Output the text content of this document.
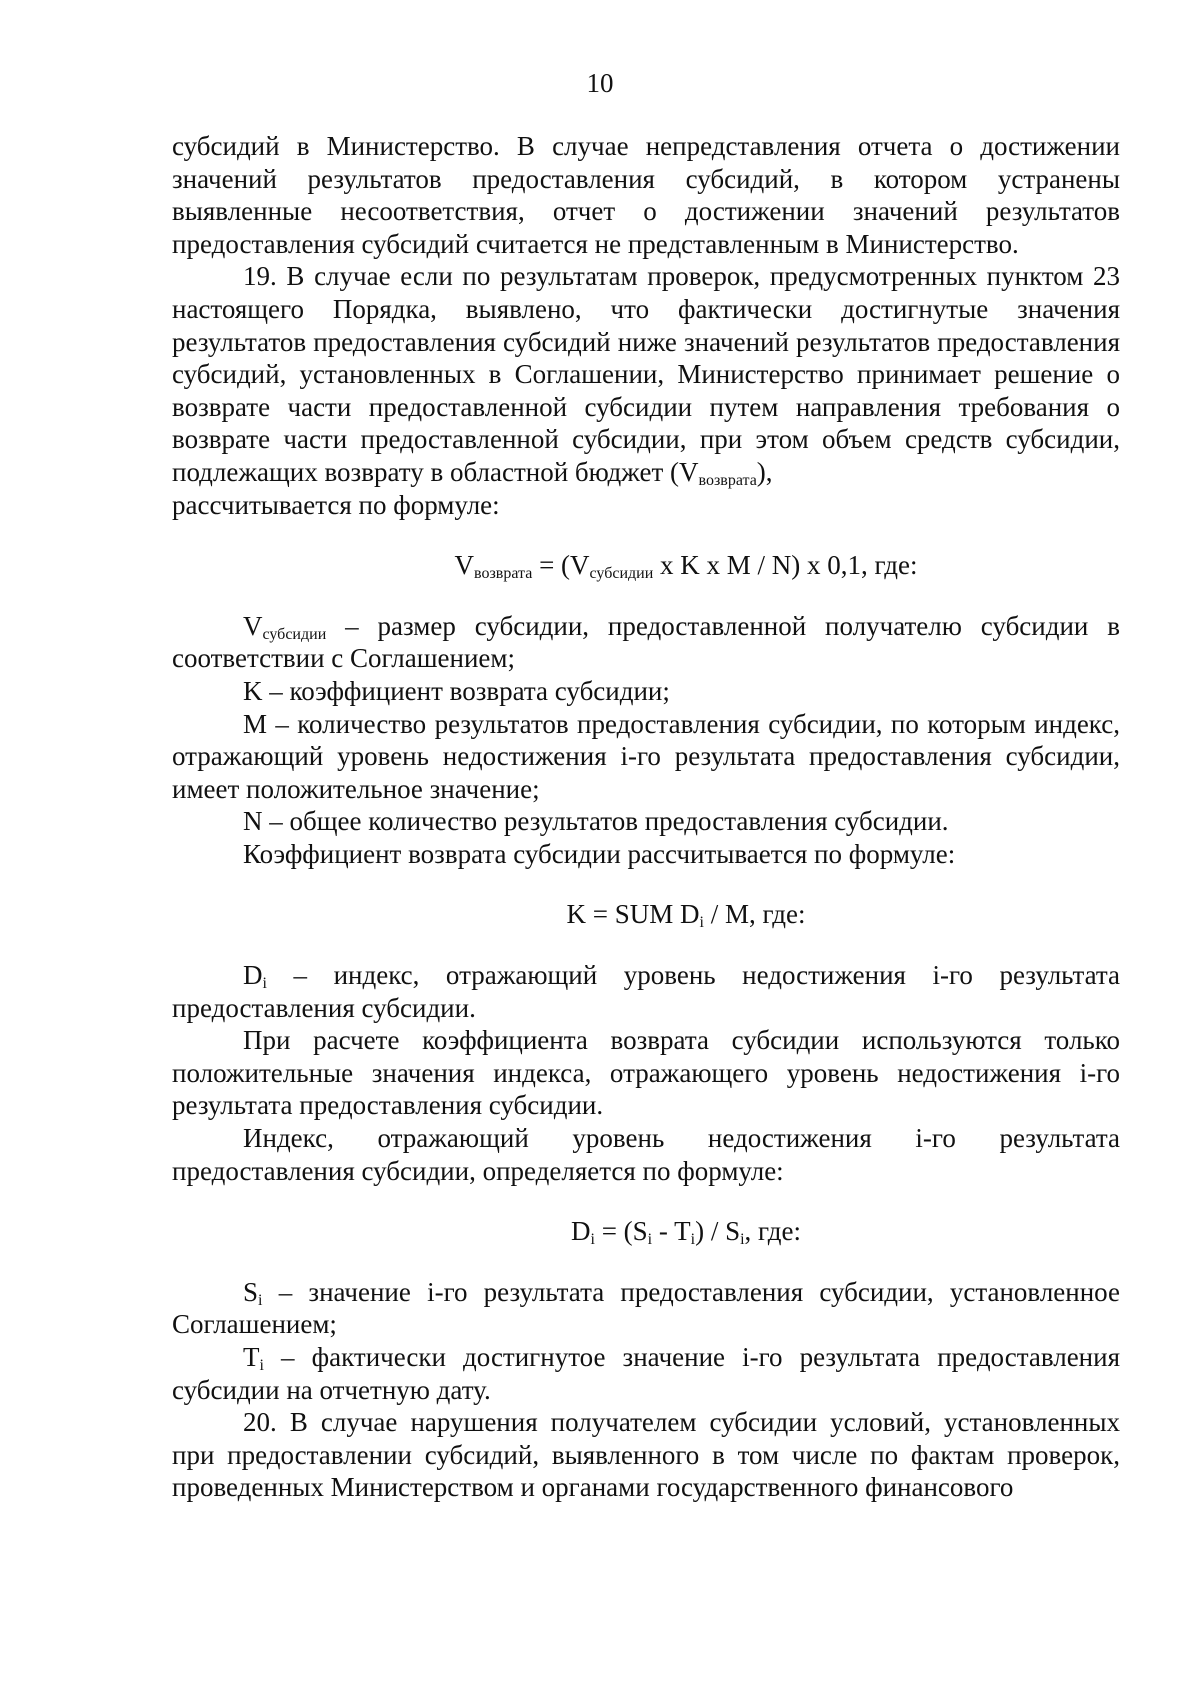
10

субсидий в Министерство. В случае непредставления отчета о достижении значений результатов предоставления субсидий, в котором устранены выявленные несоответствия, отчет о достижении значений результатов предоставления субсидий считается не представленным в Министерство.

19. В случае если по результатам проверок, предусмотренных пунктом 23 настоящего Порядка, выявлено, что фактически достигнутые значения результатов предоставления субсидий ниже значений результатов предоставления субсидий, установленных в Соглашении, Министерство принимает решение о возврате части предоставленной субсидии путем направления требования о возврате части предоставленной субсидии, при этом объем средств субсидии, подлежащих возврату в областной бюджет $(V_{возврата})$,
рассчитывается по формуле:

$V_{возврата} = (V_{субсидии}$ x K x M / N) x 0,1, где:

$V_{субсидии}$ – размер субсидии, предоставленной получателю субсидии в соответствии с Соглашением;

K – коэффициент возврата субсидии;

M – количество результатов предоставления субсидии, по которым индекс, отражающий уровень недостижения i-го результата предоставления субсидии, имеет положительное значение;

N – общее количество результатов предоставления субсидии.

Коэффициент возврата субсидии рассчитывается по формуле:

K = SUM $D_i$ / M, где:

$D_i$ – индекс, отражающий уровень недостижения i-го результата предоставления субсидии.

При расчете коэффициента возврата субсидии используются только положительные значения индекса, отражающего уровень недостижения i-го результата предоставления субсидии.

Индекс, отражающий уровень недостижения i-го результата предоставления субсидии, определяется по формуле:

$D_i = (S_i - T_i) / S_i$, где:

$S_i$ – значение i-го результата предоставления субсидии, установленное Соглашением;

$T_i$ – фактически достигнутое значение i-го результата предоставления субсидии на отчетную дату.

20. В случае нарушения получателем субсидии условий, установленных при предоставлении субсидий, выявленного в том числе по фактам проверок, проведенных Министерством и органами государственного финансового
